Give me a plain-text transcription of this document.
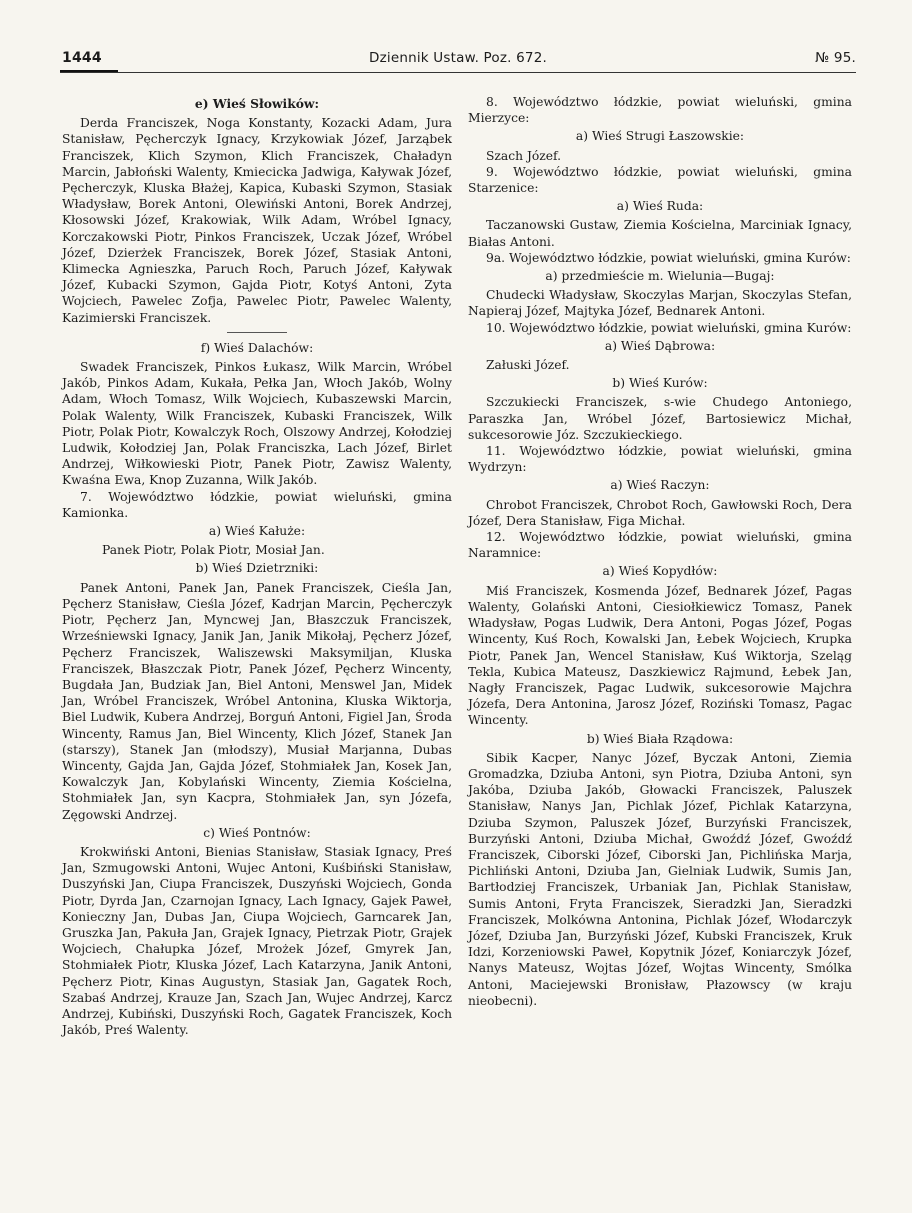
1444	Dziennik Ustaw. Poz. 672.	№ 95.

e) Wieś Słowików:

Derda Franciszek, Noga Konstanty, Kozacki Adam, Jura Stanisław, Pęcherczyk Ignacy, Krzykowiak Józef, Jarząbek Franciszek, Klich Szymon, Klich Franciszek, Chaładyn Marcin, Jabłoński Walenty, Kmiecicka Jadwiga, Kaływak Józef, Pęcherczyk, Kluska Błażej, Kapica, Kubaski Szymon, Stasiak Władysław, Borek Antoni, Olewiński Antoni, Borek Andrzej, Kłosowski Józef, Krakowiak, Wilk Adam, Wróbel Ignacy, Korczakowski Piotr, Pinkos Franciszek, Uczak Józef, Wróbel Józef, Dzierżek Franciszek, Borek Józef, Stasiak Antoni, Klimecka Agnieszka, Paruch Roch, Paruch Józef, Kaływak Józef, Kubacki Szymon, Gajda Piotr, Kotyś Antoni, Zyta Wojciech, Pawelec Zofja, Pawelec Piotr, Pawelec Walenty, Kazimierski Franciszek.

f) Wieś Dalachów:

Swadek Franciszek, Pinkos Łukasz, Wilk Marcin, Wróbel Jakób, Pinkos Adam, Kukała, Pełka Jan, Włoch Jakób, Wolny Adam, Włoch Tomasz, Wilk Wojciech, Kubaszewski Marcin, Polak Walenty, Wilk Franciszek, Kubaski Franciszek, Wilk Piotr, Polak Piotr, Kowalczyk Roch, Olszowy Andrzej, Kołodziej Ludwik, Kołodziej Jan, Polak Franciszka, Lach Józef, Birlet Andrzej, Wiłkowieski Piotr, Panek Piotr, Zawisz Walenty, Kwaśna Ewa, Knop Zuzanna, Wilk Jakób.

7. Województwo łódzkie, powiat wieluński, gmina Kamionka.

a) Wieś Kałuże:

Panek Piotr, Polak Piotr, Mosiał Jan.

b) Wieś Dzietrzniki:

Panek Antoni, Panek Jan, Panek Franciszek, Cieśla Jan, Pęcherz Stanisław, Cieśla Józef, Kadrjan Marcin, Pęcherczyk Piotr, Pęcherz Jan, Myncwej Jan, Błaszczuk Franciszek, Wrześniewski Ignacy, Janik Jan, Janik Mikołaj, Pęcherz Józef, Pęcherz Franciszek, Waliszewski Maksymiljan, Kluska Franciszek, Błaszczak Piotr, Panek Józef, Pęcherz Wincenty, Bugdała Jan, Budziak Jan, Biel Antoni, Menswel Jan, Midek Jan, Wróbel Franciszek, Wróbel Antonina, Kluska Wiktorja, Biel Ludwik, Kubera Andrzej, Borguń Antoni, Figiel Jan, Środa Wincenty, Ramus Jan, Biel Wincenty, Klich Józef, Stanek Jan (starszy), Stanek Jan (młodszy), Musiał Marjanna, Dubas Wincenty, Gajda Jan, Gajda Józef, Stohmiałek Jan, Kosek Jan, Kowalczyk Jan, Kobylański Wincenty, Ziemia Kościelna, Stohmiałek Jan, syn Kacpra, Stohmiałek Jan, syn Józefa, Zęgowski Andrzej.

c) Wieś Pontnów:

Krokwiński Antoni, Bienias Stanisław, Stasiak Ignacy, Preś Jan, Szmugowski Antoni, Wujec Antoni, Kuśbiński Stanisław, Duszyński Jan, Ciupa Franciszek, Duszyński Wojciech, Gonda Piotr, Dyrda Jan, Czarnojan Ignacy, Lach Ignacy, Gajek Paweł, Konieczny Jan, Dubas Jan, Ciupa Wojciech, Garncarek Jan, Gruszka Jan, Pakuła Jan, Grajek Ignacy, Pietrzak Piotr, Grajek Wojciech, Chałupka Józef, Mrożek Józef, Gmyrek Jan, Stohmiałek Piotr, Kluska Józef, Lach Katarzyna, Janik Antoni, Pęcherz Piotr, Kinas Augustyn, Stasiak Jan, Gagatek Roch, Szabaś Andrzej, Krauze Jan, Szach Jan, Wujec Andrzej, Karcz Andrzej, Kubiński, Duszyński Roch, Gagatek Franciszek, Koch Jakób, Preś Walenty.

8. Województwo łódzkie, powiat wieluński, gmina Mierzyce:

a) Wieś Strugi Łaszowskie:

Szach Józef.

9. Województwo łódzkie, powiat wieluński, gmina Starzenice:

a) Wieś Ruda:

Taczanowski Gustaw, Ziemia Kościelna, Marciniak Ignacy, Białas Antoni.

9a. Województwo łódzkie, powiat wieluński, gmina Kurów:

a) przedmieście m. Wielunia—Bugaj:

Chudecki Władysław, Skoczylas Marjan, Skoczylas Stefan, Napieraj Józef, Majtyka Józef, Bednarek Antoni.

10. Województwo łódzkie, powiat wieluński, gmina Kurów:

a) Wieś Dąbrowa:

Załuski Józef.

b) Wieś Kurów:

Szczukiecki Franciszek, s-wie Chudego Antoniego, Paraszka Jan, Wróbel Józef, Bartosiewicz Michał, sukcesorowie Józ. Szczukieckiego.

11. Województwo łódzkie, powiat wieluński, gmina Wydrzyn:

a) Wieś Raczyn:

Chrobot Franciszek, Chrobot Roch, Gawłowski Roch, Dera Józef, Dera Stanisław, Figa Michał.

12. Województwo łódzkie, powiat wieluński, gmina Naramnice:

a) Wieś Kopydłów:

Miś Franciszek, Kosmenda Józef, Bednarek Józef, Pagas Walenty, Golański Antoni, Ciesiołkiewicz Tomasz, Panek Władysław, Pogas Ludwik, Dera Antoni, Pogas Józef, Pogas Wincenty, Kuś Roch, Kowalski Jan, Łebek Wojciech, Krupka Piotr, Panek Jan, Wencel Stanisław, Kuś Wiktorja, Szeląg Tekla, Kubica Mateusz, Daszkiewicz Rajmund, Łebek Jan, Nagły Franciszek, Pagac Ludwik, sukcesorowie Majchra Józefa, Dera Antonina, Jarosz Józef, Roziński Tomasz, Pagac Wincenty.

b) Wieś Biała Rządowa:

Sibik Kacper, Nanyc Józef, Byczak Antoni, Ziemia Gromadzka, Dziuba Antoni, syn Piotra, Dziuba Antoni, syn Jakóba, Dziuba Jakób, Głowacki Franciszek, Paluszek Stanisław, Nanys Jan, Pichlak Józef, Pichlak Katarzyna, Dziuba Szymon, Paluszek Józef, Burzyński Franciszek, Burzyński Antoni, Dziuba Michał, Gwoźdź Józef, Gwoźdź Franciszek, Ciborski Józef, Ciborski Jan, Pichlińska Marja, Pichliński Antoni, Dziuba Jan, Gielniak Ludwik, Sumis Jan, Bartłodziej Franciszek, Urbaniak Jan, Pichlak Stanisław, Sumis Antoni, Fryta Franciszek, Sieradzki Jan, Sieradzki Franciszek, Molkówna Antonina, Pichlak Józef, Włodarczyk Józef, Dziuba Jan, Burzyński Józef, Kubski Franciszek, Kruk Idzi, Korzeniowski Paweł, Kopytnik Józef, Koniarczyk Józef, Nanys Mateusz, Wojtas Józef, Wojtas Wincenty, Smólka Antoni, Maciejewski Bronisław, Płazowscy (w kraju nieobecni).
